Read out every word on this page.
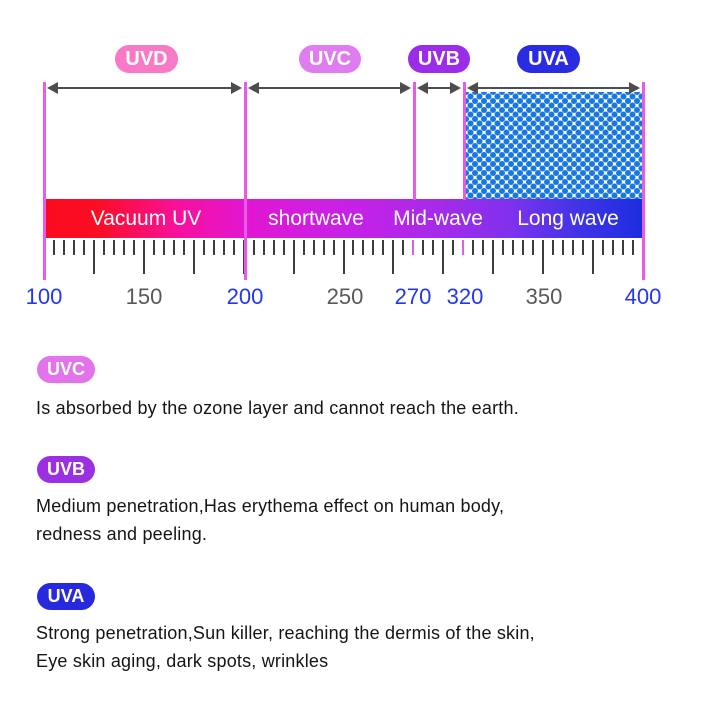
UVD	UVC	UVB	UVA
100	150	200	250 270 320 350	400
Vacuum UV	shortwave Mid-wave Long wave
UVC
Is absorbed by the ozone layer and cannot reach the earth.
UVB
Medium penetration,Has erythema effect on human body,
redness and peeling.
UVA
Strong penetration,Sun killer, reaching the dermis of the skin,
Eye skin aging, dark spots, wrinkles
